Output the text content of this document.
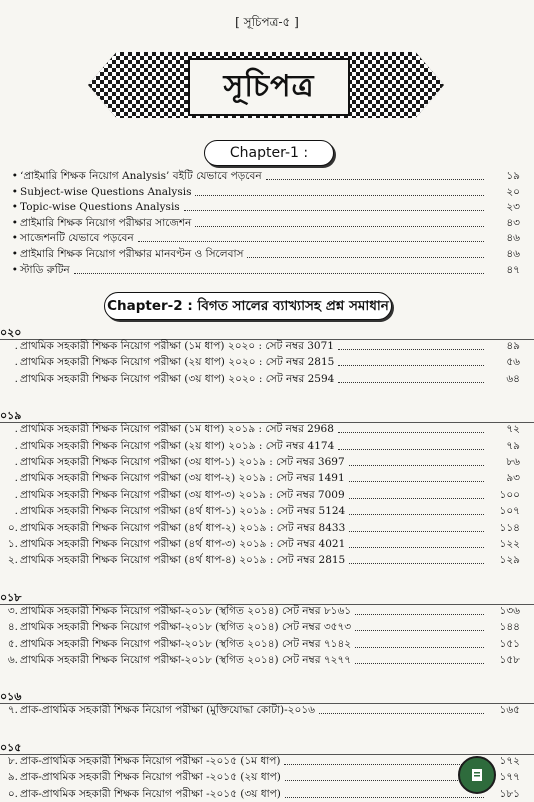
[ সূচিপত্র-৫ ]
সূচিপত্র
Chapter-1 :
• ‘প্রাইমারি শিক্ষক নিয়োগ Analysis’ বইটি যেভাবে পড়বেন	১৯
• Subject-wise Questions Analysis	২০
• Topic-wise Questions Analysis	২৩
• প্রাইমারি শিক্ষক নিয়োগ পরীক্ষার সাজেশন	৪৩
• সাজেশনটি যেভাবে পড়বেন	৪৬
• প্রাইমারি শিক্ষক নিয়োগ পরীক্ষার মানবণ্টন ও সিলেবাস	৪৬
• স্টাডি রুটিন	৪৭
Chapter-2 : বিগত সালের ব্যাখ্যাসহ প্রশ্ন সমাধান
০২০
. প্রাথমিক সহকারী শিক্ষক নিয়োগ পরীক্ষা (১ম ধাপ) ২০২০ : সেট নম্বর 3071	৪৯
. প্রাথমিক সহকারী শিক্ষক নিয়োগ পরীক্ষা (২য় ধাপ) ২০২০ : সেট নম্বর 2815	৫৬
. প্রাথমিক সহকারী শিক্ষক নিয়োগ পরীক্ষা (৩য় ধাপ) ২০২০ : সেট নম্বর 2594	৬৪
০১৯
. প্রাথমিক সহকারী শিক্ষক নিয়োগ পরীক্ষা (১ম ধাপ) ২০১৯ : সেট নম্বর 2968	৭২
. প্রাথমিক সহকারী শিক্ষক নিয়োগ পরীক্ষা (২য় ধাপ) ২০১৯ : সেট নম্বর 4174	৭৯
. প্রাথমিক সহকারী শিক্ষক নিয়োগ পরীক্ষা (৩য় ধাপ-১) ২০১৯ : সেট নম্বর 3697	৮৬
. প্রাথমিক সহকারী শিক্ষক নিয়োগ পরীক্ষা (৩য় ধাপ-২) ২০১৯ : সেট নম্বর 1491	৯৩
. প্রাথমিক সহকারী শিক্ষক নিয়োগ পরীক্ষা (৩য় ধাপ-৩) ২০১৯ : সেট নম্বর 7009	১০০
. প্রাথমিক সহকারী শিক্ষক নিয়োগ পরীক্ষা (৪র্থ ধাপ-১) ২০১৯ : সেট নম্বর 5124	১০৭
০. প্রাথমিক সহকারী শিক্ষক নিয়োগ পরীক্ষা (৪র্থ ধাপ-২) ২০১৯ : সেট নম্বর 8433	১১৪
১. প্রাথমিক সহকারী শিক্ষক নিয়োগ পরীক্ষা (৪র্থ ধাপ-৩) ২০১৯ : সেট নম্বর 4021	১২২
২. প্রাথমিক সহকারী শিক্ষক নিয়োগ পরীক্ষা (৪র্থ ধাপ-৪) ২০১৯ : সেট নম্বর 2815	১২৯
০১৮
৩. প্রাথমিক সহকারী শিক্ষক নিয়োগ পরীক্ষা-২০১৮ (স্থগিত ২০১৪) সেট নম্বর ৮১৬১	১৩৬
৪. প্রাথমিক সহকারী শিক্ষক নিয়োগ পরীক্ষা-২০১৮ (স্থগিত ২০১৪) সেট নম্বর ৩৫৭৩	১৪৪
৫. প্রাথমিক সহকারী শিক্ষক নিয়োগ পরীক্ষা-২০১৮ (স্থগিত ২০১৪) সেট নম্বর ৭১৪২	১৫১
৬. প্রাথমিক সহকারী শিক্ষক নিয়োগ পরীক্ষা-২০১৮ (স্থগিত ২০১৪) সেট নম্বর ৭২৭৭	১৫৮
০১৬
৭. প্রাক-প্রাথমিক সহকারী শিক্ষক নিয়োগ পরীক্ষা (মুক্তিযোদ্ধা কোটা)-২০১৬	১৬৫
০১৫
৮. প্রাক-প্রাথমিক সহকারী শিক্ষক নিয়োগ পরীক্ষা -২০১৫ (১ম ধাপ)	১৭২
৯. প্রাক-প্রাথমিক সহকারী শিক্ষক নিয়োগ পরীক্ষা -২০১৫ (২য় ধাপ)	১৭৭
০. প্রাক-প্রাথমিক সহকারী শিক্ষক নিয়োগ পরীক্ষা -২০১৫ (৩য় ধাপ)	১৮১
